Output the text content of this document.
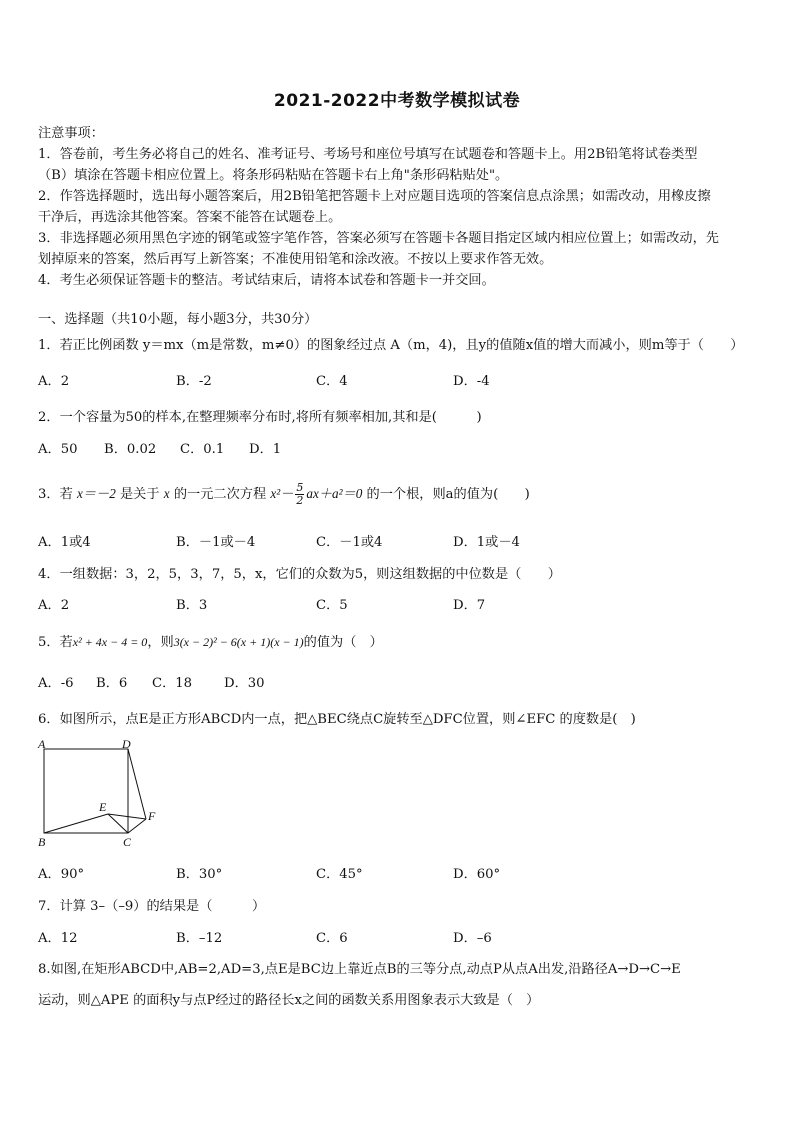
2021-2022中考数学模拟试卷
注意事项：
1．答卷前，考生务必将自己的姓名、准考证号、考场号和座位号填写在试题卷和答题卡上。用2B铅笔将试卷类型
（B）填涂在答题卡相应位置上。将条形码粘贴在答题卡右上角"条形码粘贴处"。
2．作答选择题时，选出每小题答案后，用2B铅笔把答题卡上对应题目选项的答案信息点涂黑；如需改动，用橡皮擦
干净后，再选涂其他答案。答案不能答在试题卷上。
3．非选择题必须用黑色字迹的钢笔或签字笔作答，答案必须写在答题卡各题目指定区域内相应位置上；如需改动，先
划掉原来的答案，然后再写上新答案；不准使用铅笔和涂改液。不按以上要求作答无效。
4．考生必须保证答题卡的整洁。考试结束后，请将本试卷和答题卡一并交回。
一、选择题（共10小题，每小题3分，共30分）
1．若正比例函数 y＝mx（m是常数，m≠0）的图象经过点 A（m，4)，且y的值随x值的增大而减小，则m等于（　　）
A．2	B．-2	C．4	D．-4
2．一个容量为50的样本,在整理频率分布时,将所有频率相加,其和是(　　　)
A．50 B．0.02 C．0.1 D．1
3．若 x＝－2 是关于 x 的一元二次方程 $x^2- \frac{5}{2} ax+a^2=0$ 的一个根，则a的值为(　　)
A．1或4	B．－1或－4	C．－1或4	D．1或－4
4．一组数据：3，2，5，3，7，5，x，它们的众数为5，则这组数据的中位数是（　　）
A．2	B．3	C．5	D．7
5．若x² + 4x − 4 = 0，则3(x − 2)² − 6(x + 1)(x − 1)的值为（　）
A．-6 B．6 C．18 D．30
6．如图所示，点E是正方形ABCD内一点，把△BEC绕点C旋转至△DFC位置，则∠EFC 的度数是(　)
A	D
E
F
B	C
A．90°	B．30°	C．45°	D．60°
7．计算 3–（–9）的结果是（　　　）
A．12	B．–12	C．6	D．–6
8.如图,在矩形ABCD中,AB=2,AD=3,点E是BC边上靠近点B的三等分点,动点P从点A出发,沿路径A→D→C→E
运动，则△APE 的面积y与点P经过的路径长x之间的函数关系用图象表示大致是（　）
